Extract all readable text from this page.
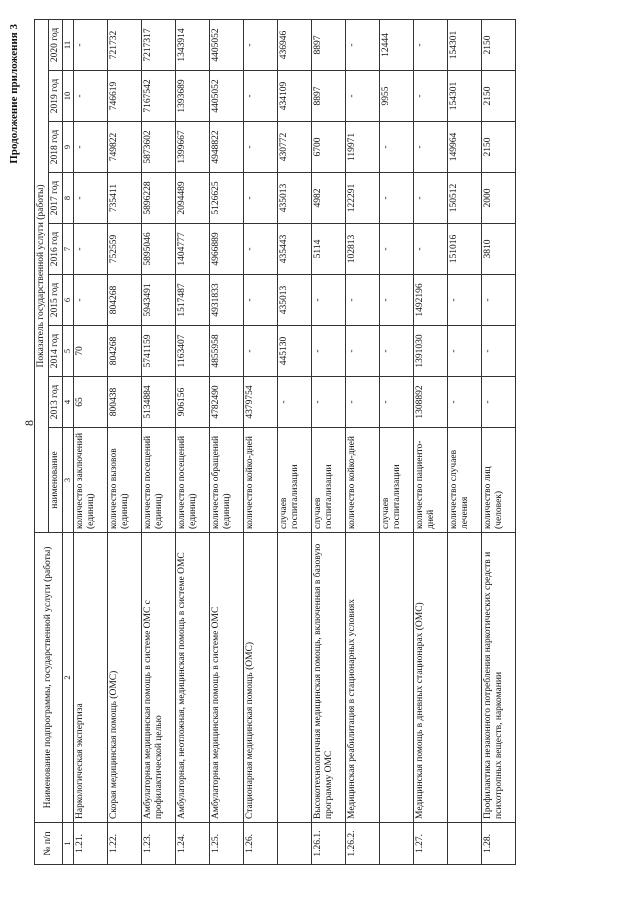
8
Продолжение приложения 3
№ п/п	Наименование подпрограммы, государственной услуги (работы)	Показатель государственной услуги (работы)								
		наименование	2013 год	2014 год	2015 год	2016 год	2017 год	2018 год	2019 год	2020 год
1	2	3	4	5	6	7	8	9	10	11
1.21.	Наркологическая экспертиза	количество заключений (единиц)	65	70	-	-	-	-	-	-
1.22.	Скорая медицинская помощь (ОМС)	количество вызовов (единиц)	800438	804268	804268	752559	735411	749822	746619	721732
1.23.	Амбулаторная медицинская помощь в системе ОМС с профилактической целью	количество посещений (единиц)	5134884	5741159	5943491	5895046	5896228	5873602	7167542	7217317
1.24.	Амбулаторная, неотложная, медицинская помощь в системе ОМС	количество посещений (единиц)	906156	1163407	1517487	1404777	2094489	1399667	1393689	1343914
1.25.	Амбулаторная медицинская помощь в системе ОМС	количество обращений (единиц)	4782490	4855958	4931833	4966889	5126625	4948822	4405052	4405052
1.26.	Стационарная медицинская помощь (ОМС)	количество койко-дней	4379754	-	-	-	-	-	-	-
		случаев госпитализации	-	445130	435013	435443	435013	430772	434109	436946
1.26.1.	Высокотехнологичная медицинская помощь, включенная в базовую программу ОМС	случаев госпитализации	-	-	-	5114	4982	6700	8897	8897
1.26.2.	Медицинская реабилитация в стационарных условиях	количество койко-дней	-	-	-	102813	122291	119971	-	-
		случаев госпитализации	-	-	-	-	-	-	9955	12444
1.27.	Медицинская помощь в дневных стационарах (ОМС)	количество пациенто-дней	1308892	1391030	1492196	-	-	-	-	-
		количество случаев лечения	-	-	-	151016	150512	149964	154301	154301
1.28.	Профилактика незаконного потребления наркотических средств и психотропных веществ, наркомании	количество лиц (человек)	-	-	-	3810	2000	2150	2150	2150
